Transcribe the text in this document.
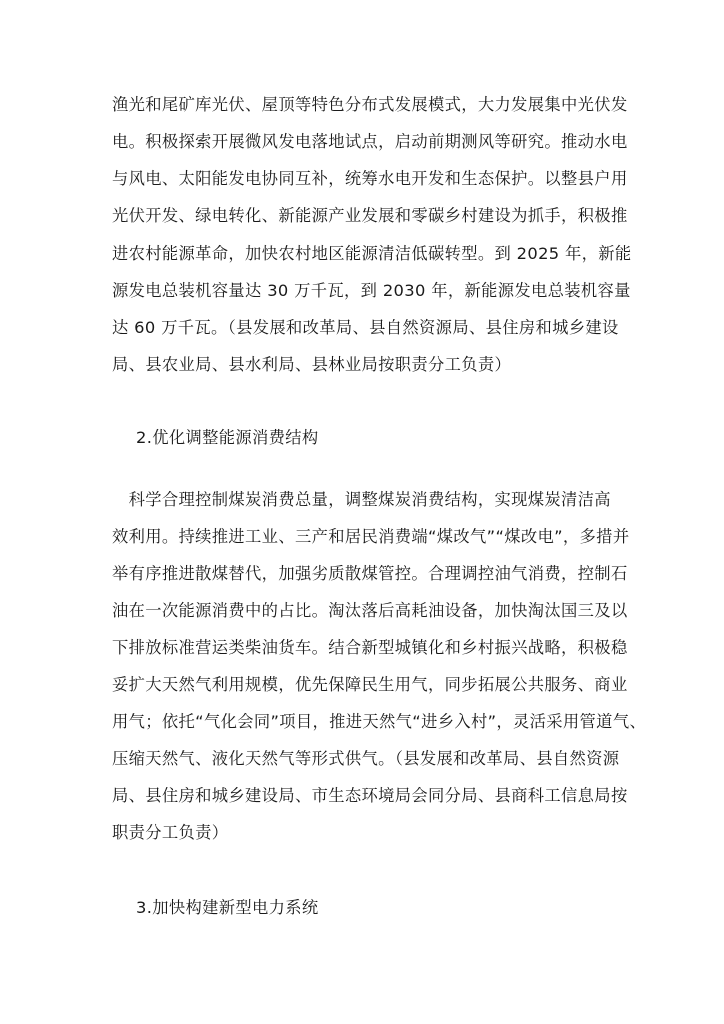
渔光和尾矿库光伏、屋顶等特色分布式发展模式，大力发展集中光伏发
电。积极探索开展微风发电落地试点，启动前期测风等研究。推动水电
与风电、太阳能发电协同互补，统筹水电开发和生态保护。以整县户用
光伏开发、绿电转化、新能源产业发展和零碳乡村建设为抓手，积极推
进农村能源革命，加快农村地区能源清洁低碳转型。到 2025 年，新能
源发电总装机容量达 30 万千瓦，到 2030 年，新能源发电总装机容量
达 60 万千瓦。（县发展和改革局、县自然资源局、县住房和城乡建设
局、县农业局、县水利局、县林业局按职责分工负责）
2.优化调整能源消费结构
　科学合理控制煤炭消费总量，调整煤炭消费结构，实现煤炭清洁高
效利用。持续推进工业、三产和居民消费端“煤改气”“煤改电”，多措并
举有序推进散煤替代，加强劣质散煤管控。合理调控油气消费，控制石
油在一次能源消费中的占比。淘汰落后高耗油设备，加快淘汰国三及以
下排放标准营运类柴油货车。结合新型城镇化和乡村振兴战略，积极稳
妥扩大天然气利用规模，优先保障民生用气，同步拓展公共服务、商业
用气；依托“气化会同”项目，推进天然气“进乡入村”，灵活采用管道气、
压缩天然气、液化天然气等形式供气。（县发展和改革局、县自然资源
局、县住房和城乡建设局、市生态环境局会同分局、县商科工信息局按
职责分工负责）
3.加快构建新型电力系统
